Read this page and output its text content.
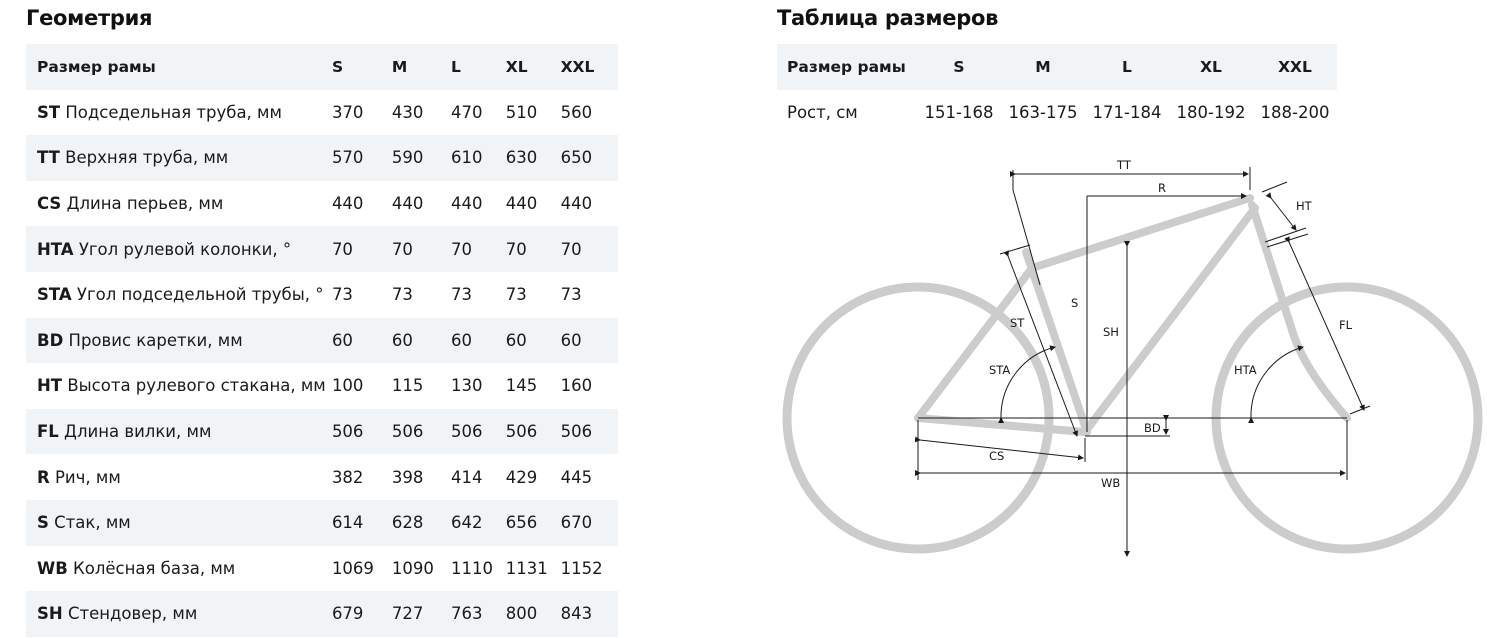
Геометрия
Размер рамы	S	M	L	XL	XXL
ST Подседельная труба, мм	370	430	470	510	560
TT Верхняя труба, мм	570	590	610	630	650
CS Длина перьев, мм	440	440	440	440	440
HTA Угол рулевой колонки, °	70	70	70	70	70
STA Угол подседельной трубы, °	73	73	73	73	73
BD Провис каретки, мм	60	60	60	60	60
HT Высота рулевого стакана, мм	100	115	130	145	160
FL Длина вилки, мм	506	506	506	506	506
R Рич, мм	382	398	414	429	445
S Стак, мм	614	628	642	656	670
WB Колёсная база, мм	1069	1090	1110	1131	1152
SH Стендовер, мм	679	727	763	800	843
Таблица размеров
Размер рамы	S	M	L	XL	XXL
Рост, см	151-168	163-175	171-184	180-192	188-200
TT
R
HT
S
ST
SH	FL
STA	HTA
BD
CS
WB
